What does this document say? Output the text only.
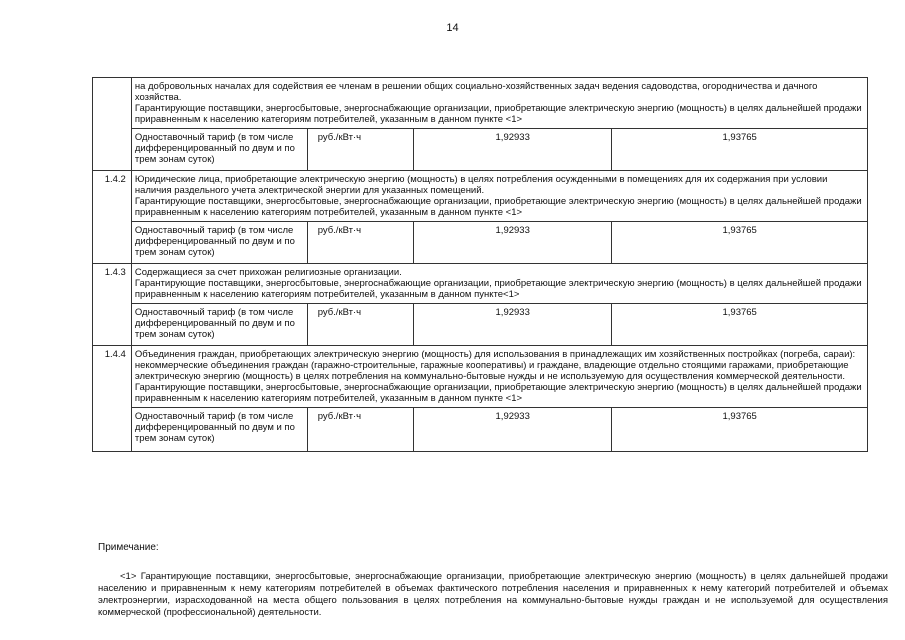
14

	на добровольных началах для содействия ее членам в решении общих социально-хозяйственных задач ведения садоводства, огородничества и дачного хозяйства.
Гарантирующие поставщики, энергосбытовые, энергоснабжающие организации, приобретающие электрическую энергию (мощность) в целях дальнейшей продажи приравненным к населению категориям потребителей, указанным в данном пункте <1>			

	Одноставочный тариф (в том числе дифференцированный по двум и по трем зонам суток)	руб./кВт·ч	1,92933	1,93765
1.4.2	Юридические лица, приобретающие электрическую энергию (мощность) в целях потребления осужденными в помещениях для их содержания при условии наличия раздельного учета электрической энергии для указанных помещений.
Гарантирующие поставщики, энергосбытовые, энергоснабжающие организации, приобретающие электрическую энергию (мощность) в целях дальнейшей продажи приравненным к населению категориям потребителей, указанным в данном пункте <1>			

	Одноставочный тариф (в том числе дифференцированный по двум и по трем зонам суток)	руб./кВт·ч	1,92933	1,93765
1.4.3	Содержащиеся за счет прихожан религиозные организации.
Гарантирующие поставщики, энергосбытовые, энергоснабжающие организации, приобретающие электрическую энергию (мощность) в целях дальнейшей продажи приравненным к населению категориям потребителей, указанным в данном пункте<1>			

	Одноставочный тариф (в том числе дифференцированный по двум и по трем зонам суток)	руб./кВт·ч	1,92933	1,93765
1.4.4	Объединения граждан, приобретающих электрическую энергию (мощность) для использования в принадлежащих им хозяйственных постройках (погреба, сараи): некоммерческие объединения граждан (гаражно-строительные, гаражные кооперативы) и граждане, владеющие отдельно стоящими гаражами, приобретающие электрическую энергию (мощность) в целях потребления на коммунально-бытовые нужды и не используемую для осуществления коммерческой деятельности.
Гарантирующие поставщики, энергосбытовые, энергоснабжающие организации, приобретающие электрическую энергию (мощность) в целях дальнейшей продажи приравненным к населению категориям потребителей, указанным в данном пункте <1>			

	Одноставочный тариф (в том числе дифференцированный по двум и по трем зонам суток)	руб./кВт·ч	1,92933	1,93765
Примечание:
<1> Гарантирующие поставщики, энергосбытовые, энергоснабжающие организации, приобретающие электрическую энергию (мощность) в целях дальнейшей продажи населению и приравненным к нему категориям потребителей в объемах фактического потребления населения и приравненных к нему категорий потребителей и объемах электроэнергии, израсходованной на места общего пользования в целях потребления на коммунально-бытовые нужды граждан и не используемой для осуществления коммерческой (профессиональной) деятельности.
